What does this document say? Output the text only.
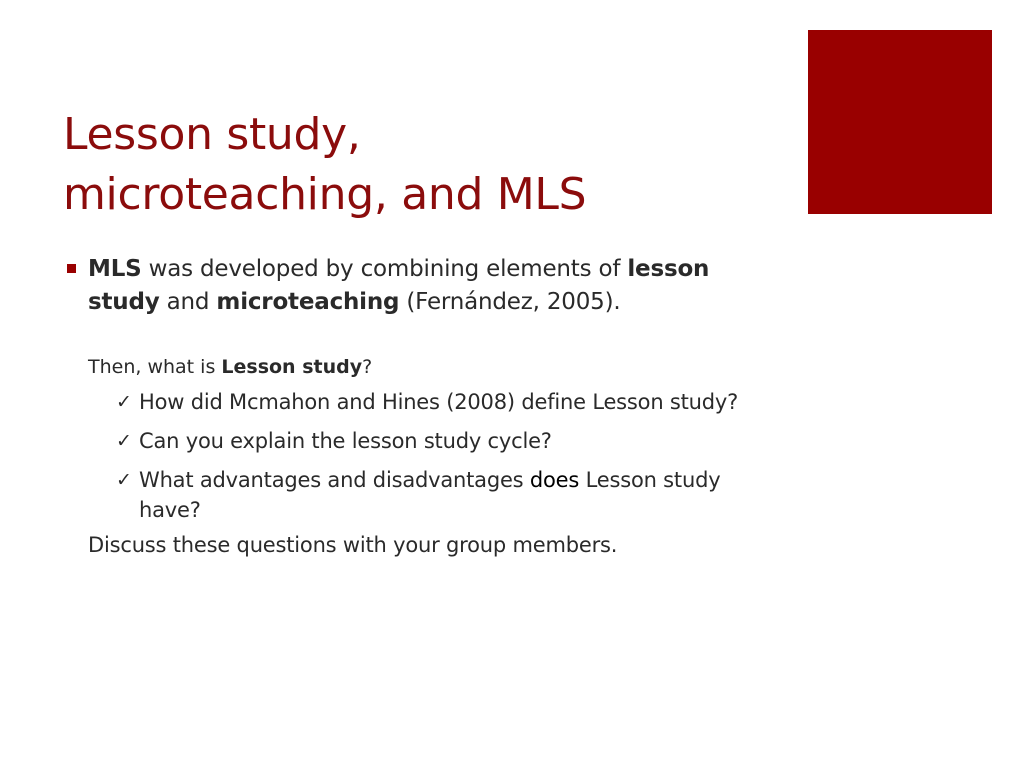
Lesson study,
microteaching, and MLS
MLS was developed by combining elements of lesson study and microteaching (Fernández, 2005).
Then, what is Lesson study?
✓ How did Mcmahon and Hines (2008) define Lesson study?
✓ Can you explain the lesson study cycle?
✓ What advantages and disadvantages does Lesson study have?
Discuss these questions with your group members.
